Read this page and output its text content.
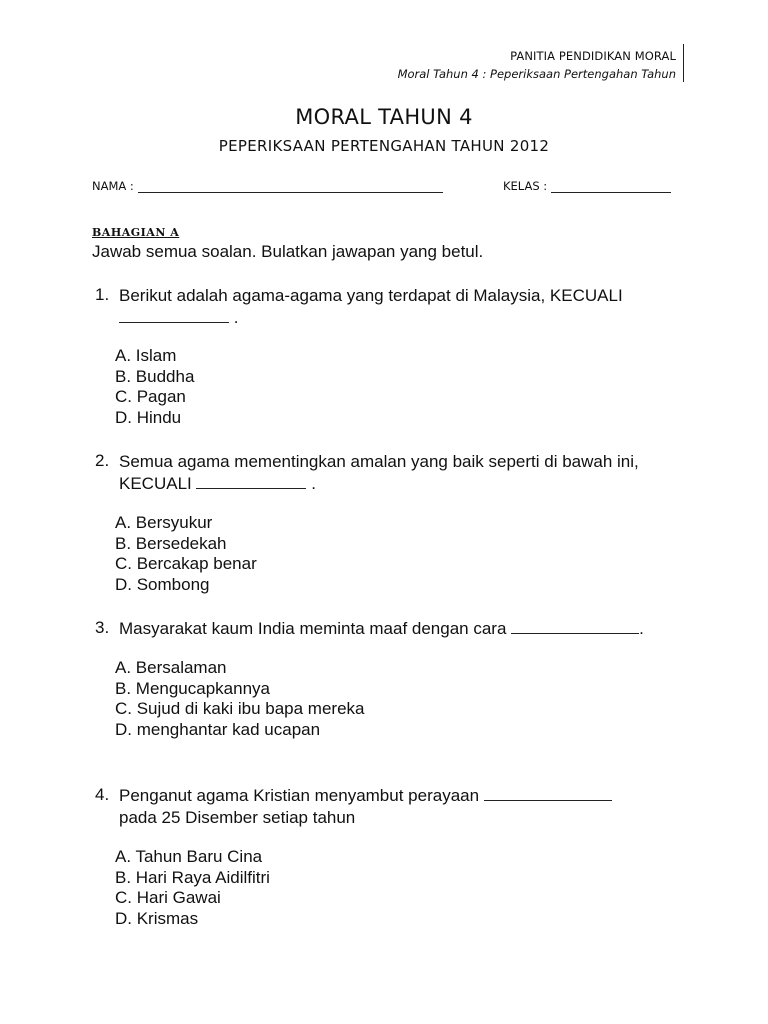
PANITIA PENDIDIKAN MORAL
Moral Tahun 4 : Peperiksaan Pertengahan Tahun
MORAL TAHUN 4
PEPERIKSAAN PERTENGAHAN TAHUN 2012
NAMA :	KELAS :
BAHAGIAN A
Jawab semua soalan. Bulatkan jawapan yang betul.
1. Berikut adalah agama-agama yang terdapat di Malaysia, KECUALI
.
A. Islam
B. Buddha
C. Pagan
D. Hindu
2. Semua agama mementingkan amalan yang baik seperti di bawah ini,
KECUALI	.
A. Bersyukur
B. Bersedekah
C. Bercakap benar
D. Sombong
3. Masyarakat kaum India meminta maaf dengan cara	.
A. Bersalaman
B. Mengucapkannya
C. Sujud di kaki ibu bapa mereka
D. menghantar kad ucapan
4. Penganut agama Kristian menyambut perayaan
pada 25 Disember setiap tahun
A. Tahun Baru Cina
B. Hari Raya Aidilfitri
C. Hari Gawai
D. Krismas
